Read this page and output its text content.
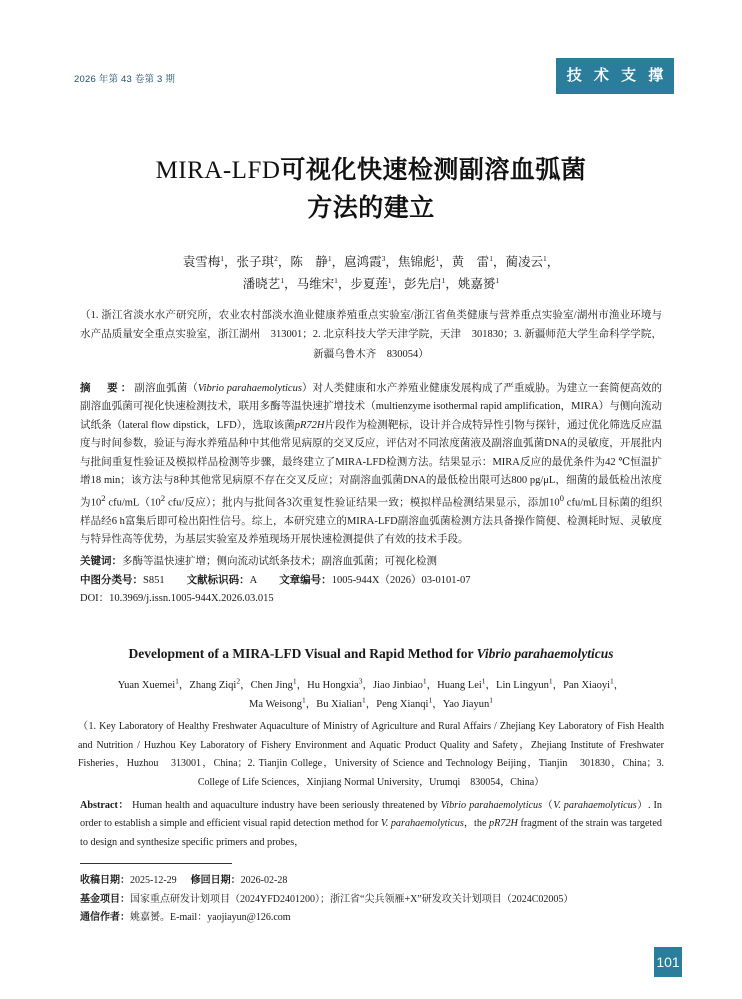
2026 年第 43 卷第 3 期	技 术 支 撑
MIRA-LFD可视化快速检测副溶血弧菌
方法的建立
袁雪梅$^1$，张子琪$^2$，陈　静$^1$，扈鸿霞$^3$，焦锦彪$^1$，黄　雷$^1$，蔺凌云$^1$，
潘晓艺$^1$，马维宋$^1$，步夏莲$^1$，彭先启$^1$，姚嘉赟$^1$
（1. 浙江省淡水水产研究所，农业农村部淡水渔业健康养殖重点实验室/浙江省鱼类健康与营养重点实验室/湖州市渔业环境与水产品质量安全重点实验室，浙江湖州　313001；2. 北京科技大学天津学院，天津　301830；3. 新疆师范大学生命科学学院，新疆乌鲁木齐　830054）
摘　要：副溶血弧菌（Vibrio parahaemolyticus）对人类健康和水产养殖业健康发展构成了严重威胁。为建立一套简便高效的副溶血弧菌可视化快速检测技术，联用多酶等温快速扩增技术（multienzyme isothermal rapid amplification，MIRA）与侧向流动试纸条（lateral flow dipstick，LFD），选取该菌pR72H片段作为检测靶标，设计并合成特异性引物与探针，通过优化筛选反应温度与时间参数，验证与海水养殖品种中其他常见病原的交叉反应，评估对不同浓度菌液及副溶血弧菌DNA的灵敏度，开展批内与批间重复性验证及模拟样品检测等步骤，最终建立了MIRA-LFD检测方法。结果显示：MIRA反应的最优条件为42 ℃恒温扩增18 min；该方法与8种其他常见病原不存在交叉反应；对副溶血弧菌DNA的最低检出限可达800 pg/μL，细菌的最低检出浓度为$10^2$ cfu/$mL(10^2$ cfu/反应）；批内与批间各3次重复性验证结果一致；模拟样品检测结果显示，添加$10^0$ cfu/mL目标菌的组织样品经6 h富集后即可检出阳性信号。综上，本研究建立的MIRA-LFD副溶血弧菌检测方法具备操作简便、检测耗时短、灵敏度与特异性高等优势，为基层实验室及养殖现场开展快速检测提供了有效的技术手段。
关键词：多酶等温快速扩增；侧向流动试纸条技术；副溶血弧菌；可视化检测
中图分类号：S851 文献标识码：A 文章编号：1005-944X（2026）03-0101-07
DOI：10.3969/j.issn.1005-944X.2026.03.015
Development of a MIRA-LFD Visual and Rapid Method for Vibrio parahaemolyticus
Yuan Xuemei$^1$，Zhang Ziqi$^2$，Chen Jing$^1$，Hu Hongxia$^3$，Jiao Jinbiao$^1$，Huang Lei$^1$，Lin Lingyun$^1$，Pan Xiaoyi$^1$，
Ma Weisong$^1$，Bu Xialian$^1$，Peng Xianqi$^1$，Yao Jiayun$^1$
（1. Key Laboratory of Healthy Freshwater Aquaculture of Ministry of Agriculture and Rural Affairs / Zhejiang Key Laboratory of Fish Health and Nutrition / Huzhou Key Laboratory of Fishery Environment and Aquatic Product Quality and Safety，Zhejiang Institute of Freshwater Fisheries，Huzhou　313001，China；2. Tianjin College，University of Science and Technology Beijing，Tianjin　301830，China；3. College of Life Sciences，Xinjiang Normal University，Urumqi　830054，China）
Abstract： Human health and aquaculture industry have been seriously threatened by Vibrio parahaemolyticus（V. parahaemolyticus）. In order to establish a simple and efficient visual rapid detection method for V. parahaemolyticus，the pR72H fragment of the strain was targeted to design and synthesize specific primers and probes，
收稿日期：2025-12-29 修回日期：2026-02-28
基金项目：国家重点研发计划项目（2024YFD2401200）；浙江省“尖兵领雁+X”研发攻关计划项目（2024C02005）
通信作者：姚嘉赟。E-mail：yaojiayun@126.com
101
